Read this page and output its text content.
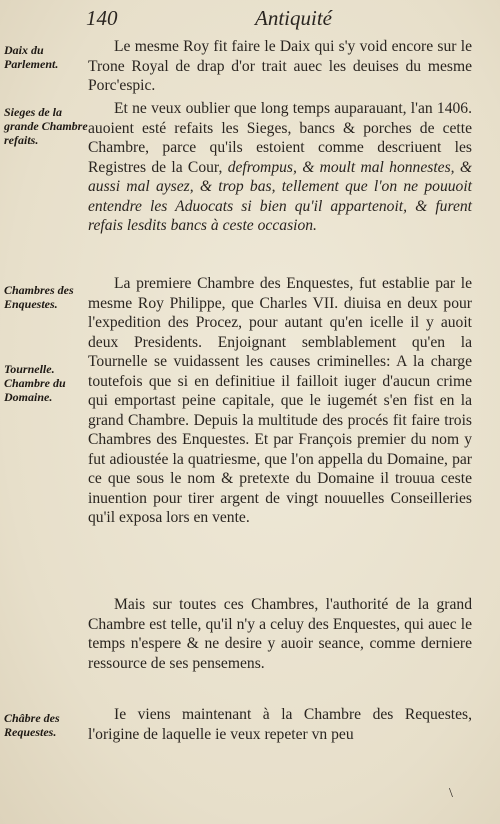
140	Antiquité
Daix du Parlement.
Sieges de la grande Chambre refaits.
Chambres des Enquestes.
Tournelle. Chambre du Domaine.
Châbre des Requestes.
Le mesme Roy fit faire le Daix qui s'y void encore sur le Trone Royal de drap d'or trait auec les deuises du mesme Porc'espic.
Et ne veux oublier que long temps auparauant, l'an 1406. auoient esté refaits les Sieges, bancs & porches de cette Chambre, parce qu'ils estoient comme descriuent les Registres de la Cour, defrompus, & moult mal honnestes, & aussi mal aysez, & trop bas, tellement que l'on ne pouuoit entendre les Aduocats si bien qu'il appartenoit, & furent refais lesdits bancs à ceste occasion.
La premiere Chambre des Enquestes, fut establie par le mesme Roy Philippe, que Charles VII. diuisa en deux pour l'expedition des Procez, pour autant qu'en icelle il y auoit deux Presidents. Enjoignant semblablement qu'en la Tournelle se vuidassent les causes criminelles: A la charge toutefois que si en definitiue il failloit iuger d'aucun crime qui emportast peine capitale, que le iugemét s'en fist en la grand Chambre. Depuis la multitude des procés fit faire trois Chambres des Enquestes. Et par François premier du nom y fut adioustée la quatriesme, que l'on appella du Domaine, par ce que sous le nom & pretexte du Domaine il trouua ceste inuention pour tirer argent de vingt nouuelles Conseilleries qu'il exposa lors en vente.
Mais sur toutes ces Chambres, l'authorité de la grand Chambre est telle, qu'il n'y a celuy des Enquestes, qui auec le temps n'espere & ne desire y auoir seance, comme derniere ressource de ses pensemens.
Ie viens maintenant à la Chambre des Requestes, l'origine de laquelle ie veux repeter vn peu
\
